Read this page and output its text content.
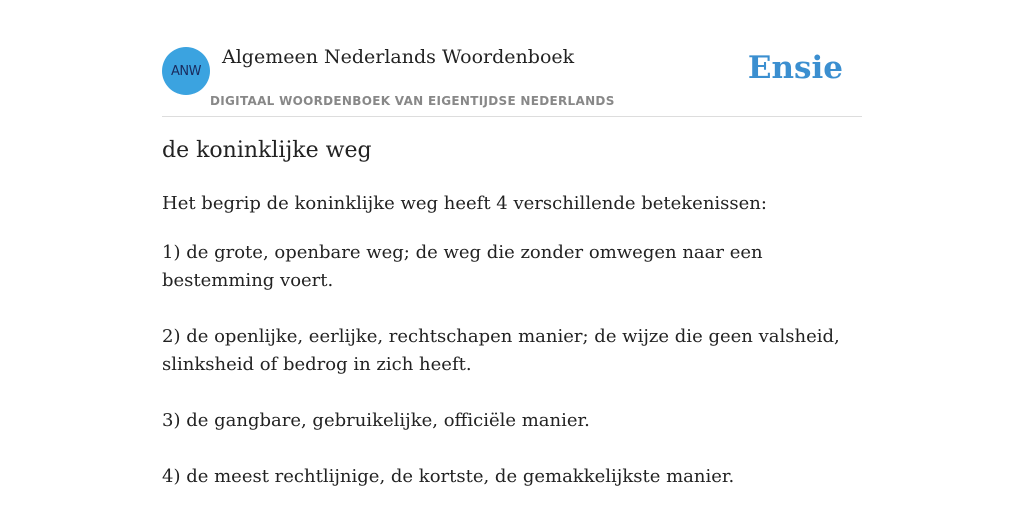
ANW
Algemeen Nederlands Woordenboek
DIGITAAL WOORDENBOEK VAN EIGENTIJDSE NEDERLANDS
Ensie
de koninklijke weg

Het begrip de koninklijke weg heeft 4 verschillende betekenissen:

1) de grote, openbare weg; de weg die zonder omwegen naar een bestemming voert.

2) de openlijke, eerlijke, rechtschapen manier; de wijze die geen valsheid, slinksheid of bedrog in zich heeft.

3) de gangbare, gebruikelijke, officiële manier.

4) de meest rechtlijnige, de kortste, de gemakkelijkste manier.
